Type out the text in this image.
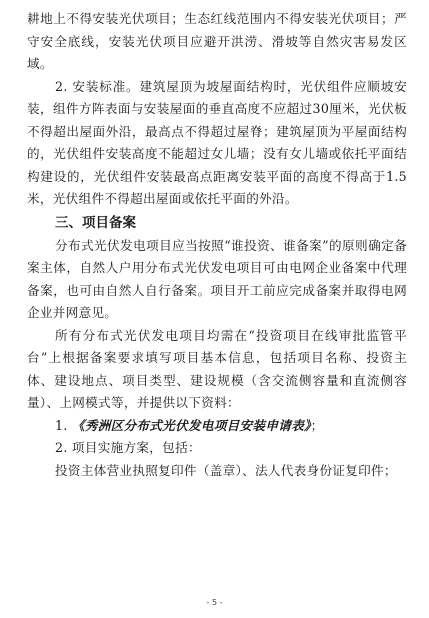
耕地上不得安装光伏项目；生态红线范围内不得安装光伏项目；严守安全底线，安装光伏项目应避开洪涝、滑坡等自然灾害易发区域。

2. 安装标准。建筑屋顶为坡屋面结构时，光伏组件应顺坡安装，组件方阵表面与安装屋面的垂直高度不应超过30厘米，光伏板不得超出屋面外沿，最高点不得超过屋脊；建筑屋顶为平屋面结构的，光伏组件安装高度不能超过女儿墙；没有女儿墙或依托平面结构建设的，光伏组件安装最高点距离安装平面的高度不得高于1.5米，光伏组件不得超出屋面或依托平面的外沿。

三、项目备案

分布式光伏发电项目应当按照“谁投资、谁备案”的原则确定备案主体，自然人户用分布式光伏发电项目可由电网企业备案中代理备案，也可由自然人自行备案。项目开工前应完成备案并取得电网企业并网意见。

所有分布式光伏发电项目均需在“投资项目在线审批监管平台”上根据备案要求填写项目基本信息，包括项目名称、投资主体、建设地点、项目类型、建设规模（含交流侧容量和直流侧容量）、上网模式等，并提供以下资料：

1. 《秀洲区分布式光伏发电项目安装申请表》；

2. 项目实施方案，包括：

投资主体营业执照复印件（盖章）、法人代表身份证复印件；

- 5 -
